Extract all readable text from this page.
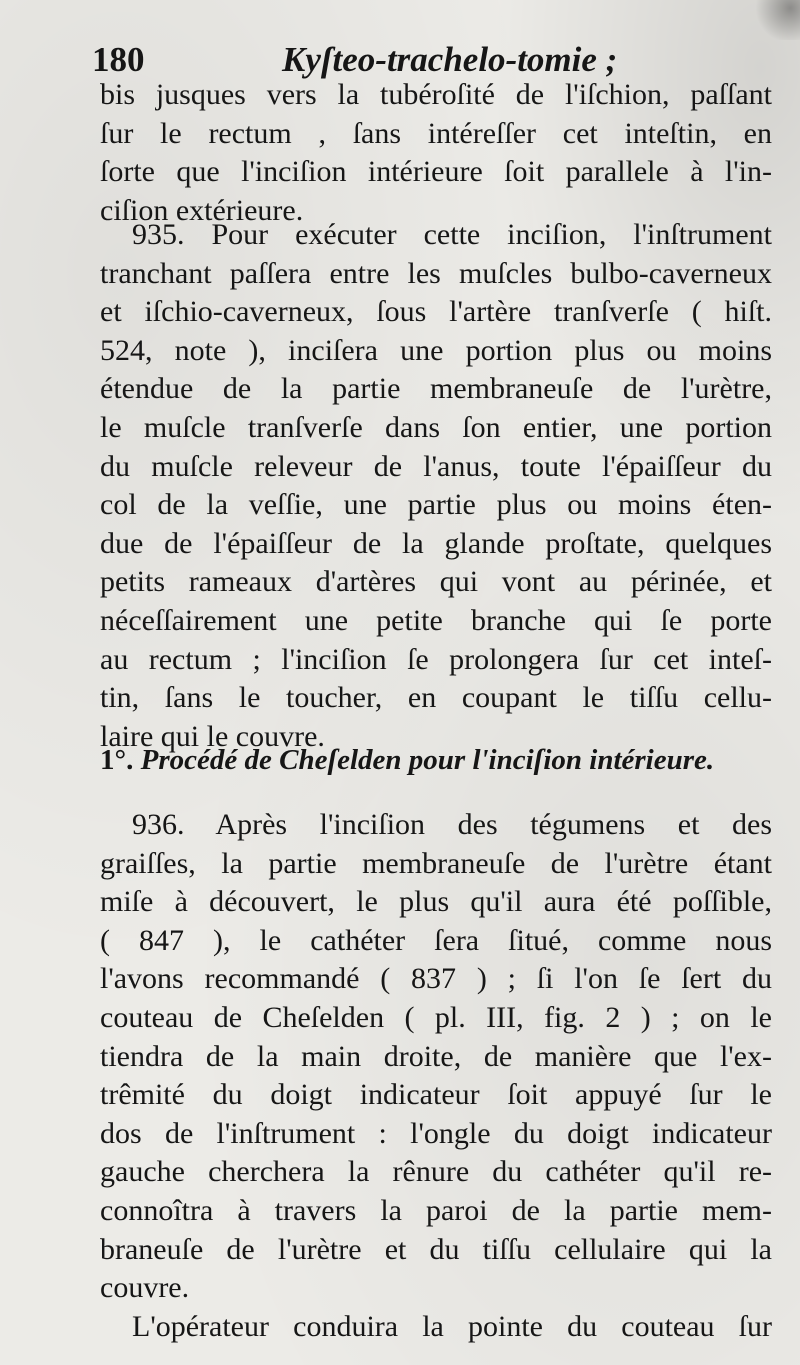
180	Kyſteo-trachelo-tomie ;
bis jusques vers la tubéroſité de l'iſchion, paſſant
ſur le rectum , ſans intéreſſer cet inteſtin, en
ſorte que l'inciſion intérieure ſoit parallele à l'in-
ciſion extérieure.
935. Pour exécuter cette inciſion, l'inſtrument
tranchant paſſera entre les muſcles bulbo-caverneux
et iſchio-caverneux, ſous l'artère tranſverſe ( hiſt.
524, note ), inciſera une portion plus ou moins
étendue de la partie membraneuſe de l'urètre,
le muſcle tranſverſe dans ſon entier, une portion
du muſcle releveur de l'anus, toute l'épaiſſeur du
col de la veſſie, une partie plus ou moins éten-
due de l'épaiſſeur de la glande proſtate, quelques
petits rameaux d'artères qui vont au périnée, et
néceſſairement une petite branche qui ſe porte
au rectum ; l'inciſion ſe prolongera ſur cet inteſ-
tin, ſans le toucher, en coupant le tiſſu cellu-
laire qui le couvre.
1°. Procédé de Cheſelden pour l'inciſion intérieure.
936. Après l'inciſion des tégumens et des
graiſſes, la partie membraneuſe de l'urètre étant
miſe à découvert, le plus qu'il aura été poſſible,
( 847 ), le cathéter ſera ſitué, comme nous
l'avons recommandé ( 837 ) ; ſi l'on ſe ſert du
couteau de Cheſelden ( pl. III, fig. 2 ) ; on le
tiendra de la main droite, de manière que l'ex-
trêmité du doigt indicateur ſoit appuyé ſur le
dos de l'inſtrument : l'ongle du doigt indicateur
gauche cherchera la rênure du cathéter qu'il re-
connoîtra à travers la paroi de la partie mem-
braneuſe de l'urètre et du tiſſu cellulaire qui la
couvre.
L'opérateur conduira la pointe du couteau ſur
